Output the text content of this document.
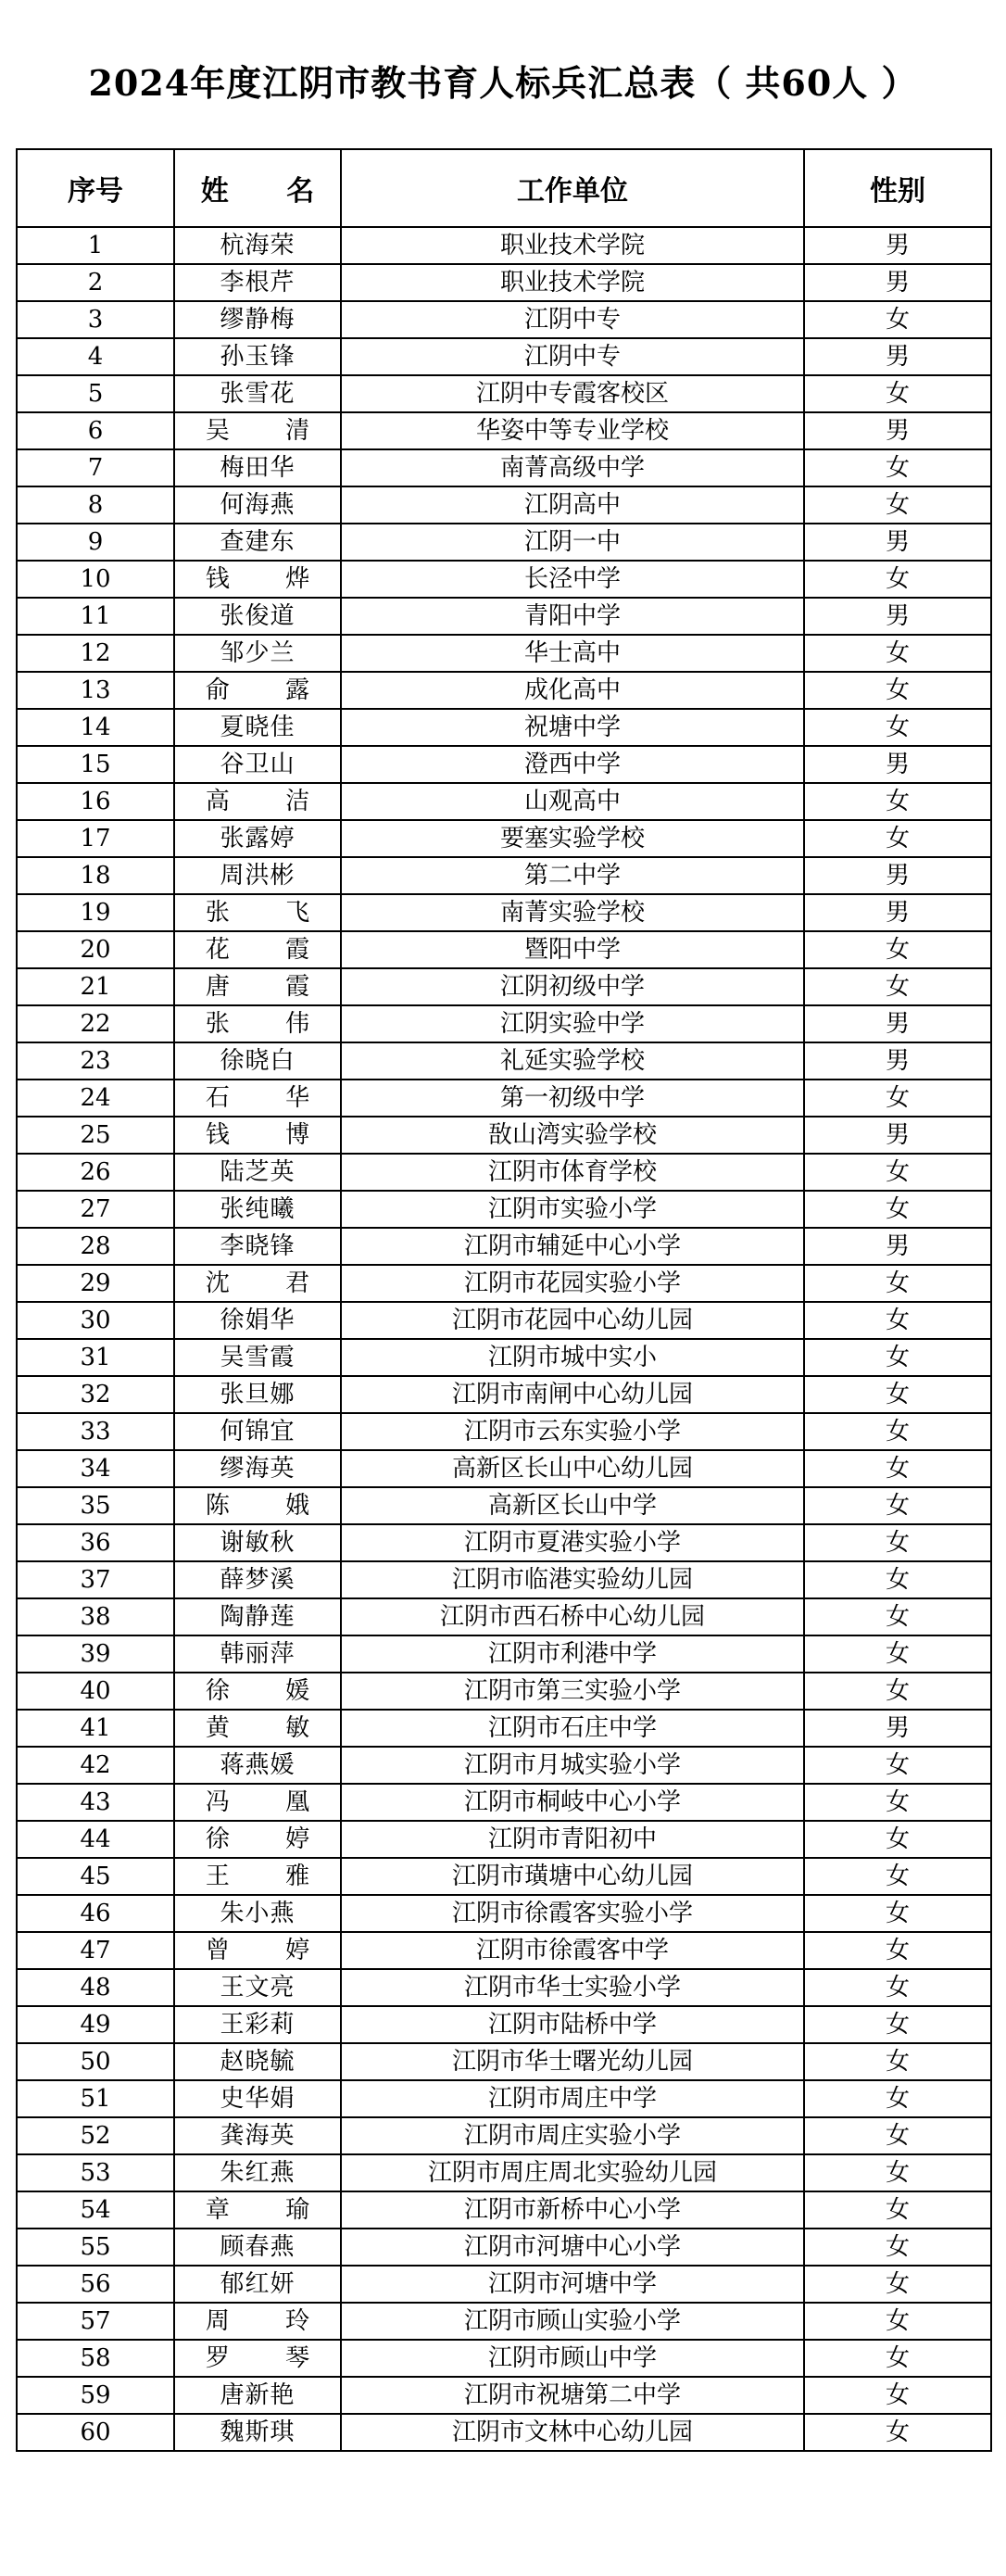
2024年度江阴市教书育人标兵汇总表（ 共60人 ）
序号	姓 名	工作单位	性别
1	杭海荣	职业技术学院	男
2	李根芹	职业技术学院	男
3	缪静梅	江阴中专	女
4	孙玉锋	江阴中专	男
5	张雪花	江阴中专霞客校区	女
6	吴 清	华姿中等专业学校	男
7	梅田华	南菁高级中学	女
8	何海燕	江阴高中	女
9	查建东	江阴一中	男
10	钱 烨	长泾中学	女
11	张俊道	青阳中学	男
12	邹少兰	华士高中	女
13	俞 露	成化高中	女
14	夏晓佳	祝塘中学	女
15	谷卫山	澄西中学	男
16	高 洁	山观高中	女
17	张露婷	要塞实验学校	女
18	周洪彬	第二中学	男
19	张 飞	南菁实验学校	男
20	花 霞	暨阳中学	女
21	唐 霞	江阴初级中学	女
22	张 伟	江阴实验中学	男
23	徐晓白	礼延实验学校	男
24	石 华	第一初级中学	女
25	钱 博	敔山湾实验学校	男
26	陆芝英	江阴市体育学校	女
27	张纯曦	江阴市实验小学	女
28	李晓锋	江阴市辅延中心小学	男
29	沈 君	江阴市花园实验小学	女
30	徐娟华	江阴市花园中心幼儿园	女
31	吴雪霞	江阴市城中实小	女
32	张旦娜	江阴市南闸中心幼儿园	女
33	何锦宜	江阴市云东实验小学	女
34	缪海英	高新区长山中心幼儿园	女
35	陈 娥	高新区长山中学	女
36	谢敏秋	江阴市夏港实验小学	女
37	薛梦溪	江阴市临港实验幼儿园	女
38	陶静莲	江阴市西石桥中心幼儿园	女
39	韩丽萍	江阴市利港中学	女
40	徐 媛	江阴市第三实验小学	女
41	黄 敏	江阴市石庄中学	男
42	蒋燕媛	江阴市月城实验小学	女
43	冯 凰	江阴市桐岐中心小学	女
44	徐 婷	江阴市青阳初中	女
45	王 雅	江阴市璜塘中心幼儿园	女
46	朱小燕	江阴市徐霞客实验小学	女
47	曾 婷	江阴市徐霞客中学	女
48	王文亮	江阴市华士实验小学	女
49	王彩莉	江阴市陆桥中学	女
50	赵晓毓	江阴市华士曙光幼儿园	女
51	史华娟	江阴市周庄中学	女
52	龚海英	江阴市周庄实验小学	女
53	朱红燕	江阴市周庄周北实验幼儿园	女
54	章 瑜	江阴市新桥中心小学	女
55	顾春燕	江阴市河塘中心小学	女
56	郁红妍	江阴市河塘中学	女
57	周 玲	江阴市顾山实验小学	女
58	罗 琴	江阴市顾山中学	女
59	唐新艳	江阴市祝塘第二中学	女
60	魏斯琪	江阴市文林中心幼儿园	女
